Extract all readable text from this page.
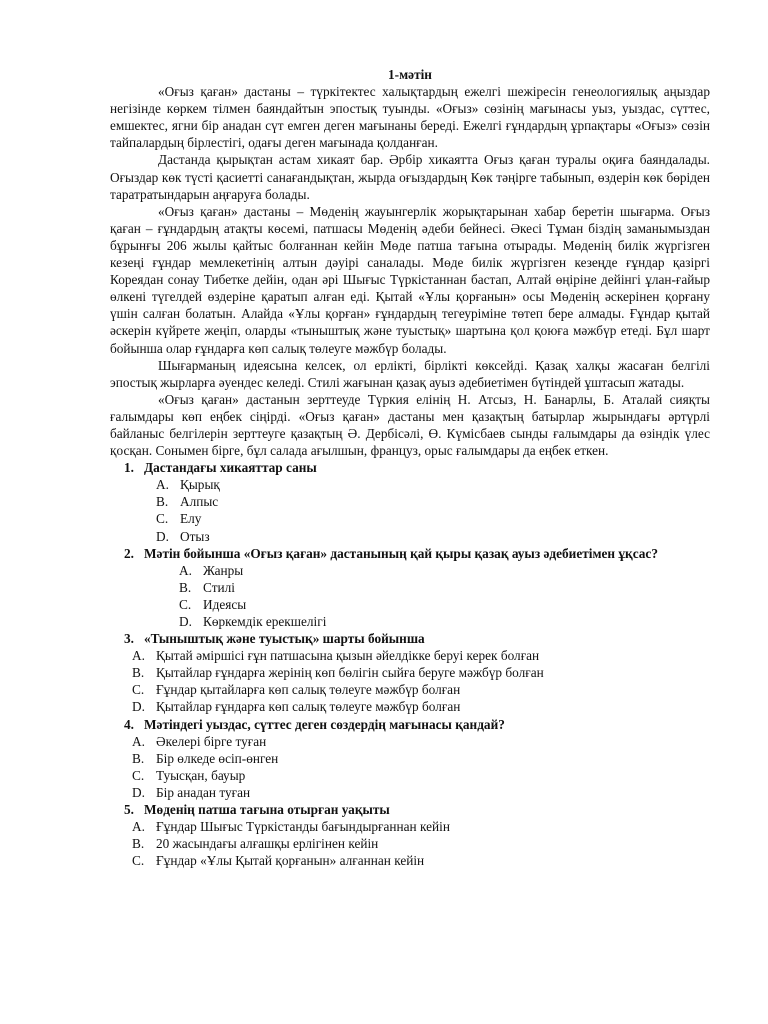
1-мәтін

«Оғыз қаған» дастаны – түркітектес халықтардың ежелгі шежіресін генеологиялық аңыздар негізінде көркем тілмен баяндайтын эпостық туынды. «Оғыз» сөзінің мағынасы уыз, уыздас, сүттес, емшектес, ягни бір анадан сүт емген деген мағынаны береді. Ежелгі ғұндардың ұрпақтары «Оғыз» сөзін тайпалардың бірлестігі, одағы деген мағынада қолданған.

Дастанда қырықтан астам хикаят бар. Әрбір хикаятта Оғыз қаған туралы оқиға баяндалады. Оғыздар көк түсті қасиетті санағандықтан, жырда оғыздардың Көк тәңірге табынып, өздерін көк бөріден таратратындарын аңғаруға болады.

«Оғыз қаған» дастаны – Мөденің жауынгерлік жорықтарынан хабар беретін шығарма. Оғыз қаған – ғұндардың атақты көсемі, патшасы Мөденің әдеби бейнесі. Әкесі Тұман біздің заманымыздан бұрынғы 206 жылы қайтыс болғаннан кейін Мөде патша тағына отырады. Мөденің билік жүргізген кезеңі ғұндар мемлекетінің алтын дәуірі саналады. Мөде билік жүргізген кезеңде ғұндар қазіргі Кореядан сонау Тибетке дейін, одан әрі Шығыс Түркістаннан бастап, Алтай өңіріне дейінгі ұлан-ғайыр өлкені түгелдей өздеріне қаратып алған еді. Қытай «Ұлы қорғанын» осы Мөденің әскерінен қорғану үшін салған болатын. Алайда «Ұлы қорған» ғұндардың тегеуріміне төтеп бере алмады. Ғұндар қытай әскерін күйрете жеңіп, оларды «тыныштық және туыстық» шартына қол қоюға мәжбүр етеді. Бұл шарт бойынша олар ғұндарға көп салық төлеуге мәжбүр болады.

Шығарманың идеясына келсек, ол ерлікті, бірлікті көксейді. Қазақ халқы жасаған белгілі эпостық жырларға әуендес келеді. Стилі жағынан қазақ ауыз әдебиетімен бүтіндей ұштасып жатады.

«Оғыз қаған» дастанын зерттеуде Түркия елінің Н. Атсыз, Н. Банарлы, Б. Аталай сияқты ғалымдары көп еңбек сіңірді. «Оғыз қаған» дастаны мен қазақтың батырлар жырындағы әртүрлі байланыс белгілерін зерттеуге қазақтың Ә. Дербісәлі, Ө. Күмісбаев сынды ғалымдары да өзіндік үлес қосқан. Сонымен бірге, бұл салада ағылшын, француз, орыс ғалымдары да еңбек еткен.

1. Дастандағы хикаяттар саны
A. Қырық
B. Алпыс
C. Елу
D. Отыз
2. Мәтін бойынша «Оғыз қаған» дастанының қай қыры қазақ ауыз әдебиетімен ұқсас?
A. Жанры
B. Стилі
C. Идеясы
D. Көркемдік ерекшелігі
3. «Тыныштық және туыстық» шарты бойынша
A. Қытай әміршісі ғұн патшасына қызын әйелдікке беруі керек болған
B. Қытайлар ғұндарға жерінің көп бөлігін сыйға беруге мәжбүр болған
C. Ғұндар қытайларға көп салық төлеуге мәжбүр болған
D. Қытайлар ғұндарға көп салық төлеуге мәжбүр болған
4. Мәтіндегі уыздас, сүттес деген сөздердің мағынасы қандай?
A. Әкелері бірге туған
B. Бір өлкеде өсіп-өнген
C. Туысқан, бауыр
D. Бір анадан туған
5. Мөденің патша тағына отырған уақыты
A. Ғұндар Шығыс Түркістанды бағындырғаннан кейін
B. 20 жасындағы алғашқы ерлігінен кейін
C. Ғұндар «Ұлы Қытай қорғанын» алғаннан кейін
